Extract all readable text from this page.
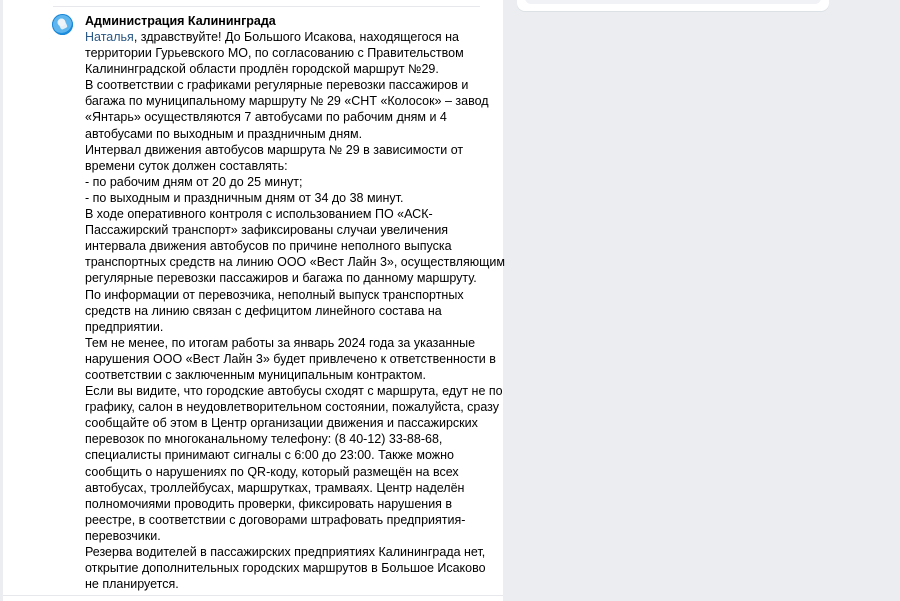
Администрация Калининграда
Наталья, здравствуйте! До Большого Исакова, находящегося на
территории Гурьевского МО, по согласованию с Правительством
Калининградской области продлён городской маршрут №29.
В соответствии с графиками регулярные перевозки пассажиров и
багажа по муниципальному маршруту № 29 «СНТ «Колосок» – завод
«Янтарь» осуществляются 7 автобусами по рабочим дням и 4
автобусами по выходным и праздничным дням.
Интервал движения автобусов маршрута № 29 в зависимости от
времени суток должен составлять:
- по рабочим дням от 20 до 25 минут;
- по выходным и праздничным дням от 34 до 38 минут.
В ходе оперативного контроля с использованием ПО «АСК-
Пассажирский транспорт» зафиксированы случаи увеличения
интервала движения автобусов по причине неполного выпуска
транспортных средств на линию ООО «Вест Лайн 3», осуществляющим
регулярные перевозки пассажиров и багажа по данному маршруту.
По информации от перевозчика, неполный выпуск транспортных
средств на линию связан с дефицитом линейного состава на
предприятии.
Тем не менее, по итогам работы за январь 2024 года за указанные
нарушения ООО «Вест Лайн 3» будет привлечено к ответственности в
соответствии с заключенным муниципальным контрактом.
Если вы видите, что городские автобусы сходят с маршрута, едут не по
графику, салон в неудовлетворительном состоянии, пожалуйста, сразу
сообщайте об этом в Центр организации движения и пассажирских
перевозок по многоканальному телефону: (8 40-12) 33-88-68,
специалисты принимают сигналы с 6:00 до 23:00. Также можно
сообщить о нарушениях по QR-коду, который размещён на всех
автобусах, троллейбусах, маршрутках, трамваях. Центр наделён
полномочиями проводить проверки, фиксировать нарушения в
реестре, в соответствии с договорами штрафовать предприятия-
перевозчики.
Резерва водителей в пассажирских предприятиях Калининграда нет,
открытие дополнительных городских маршрутов в Большое Исаково
не планируется.
